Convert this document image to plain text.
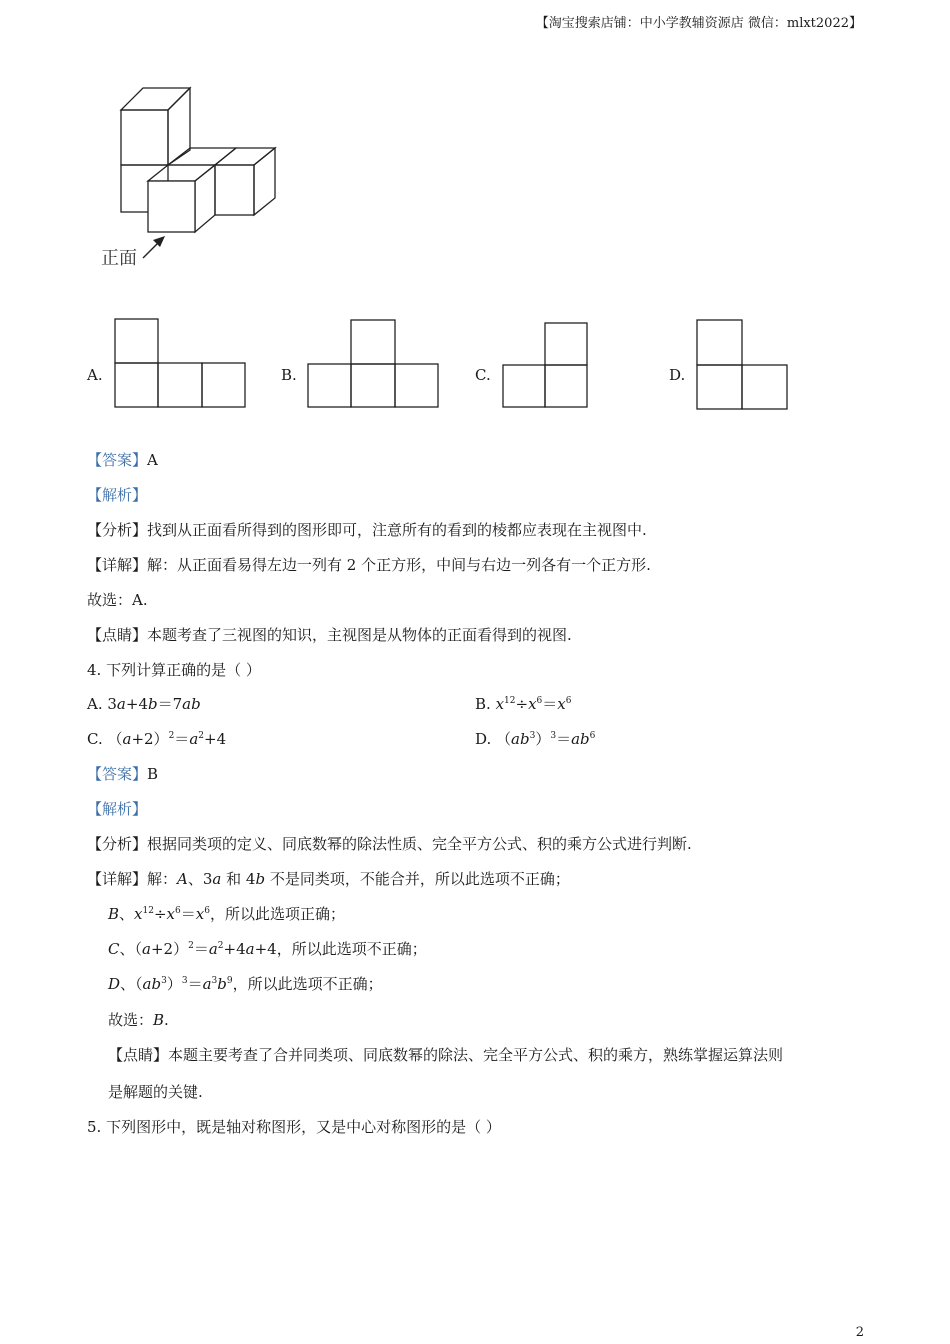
【淘宝搜索店铺：中小学教辅资源店 微信：mlxt2022】
正面
A.	B.	C.	D.
【答案】A
【解析】
【分析】找到从正面看所得到的图形即可，注意所有的看到的棱都应表现在主视图中.
【详解】解：从正面看易得左边一列有 2 个正方形，中间与右边一列各有一个正方形.
故选：A.
【点睛】本题考查了三视图的知识，主视图是从物体的正面看得到的视图.
4. 下列计算正确的是（ ）
A. 3a+4b＝7ab	B. $x^{12}\div x^6=x^6$
C. $(a+2)^2=a^2+4$	D. $(ab^3)^3=ab^6$
【答案】B
【解析】
【分析】根据同类项的定义、同底数幂的除法性质、完全平方公式、积的乘方公式进行判断.
【详解】解：A、3a 和 4b 不是同类项，不能合并，所以此选项不正确；
B、$x^{12}\div x^6=x^6$，所以此选项正确；
C、$(a+2)^2=a^2+4a+4$，所以此选项不正确；
D、$(ab^3)^3=a^3b^9$，所以此选项不正确；
故选：B.
【点睛】本题主要考查了合并同类项、同底数幂的除法、完全平方公式、积的乘方，熟练掌握运算法则
是解题的关键.
5. 下列图形中，既是轴对称图形，又是中心对称图形的是（ ）
2
